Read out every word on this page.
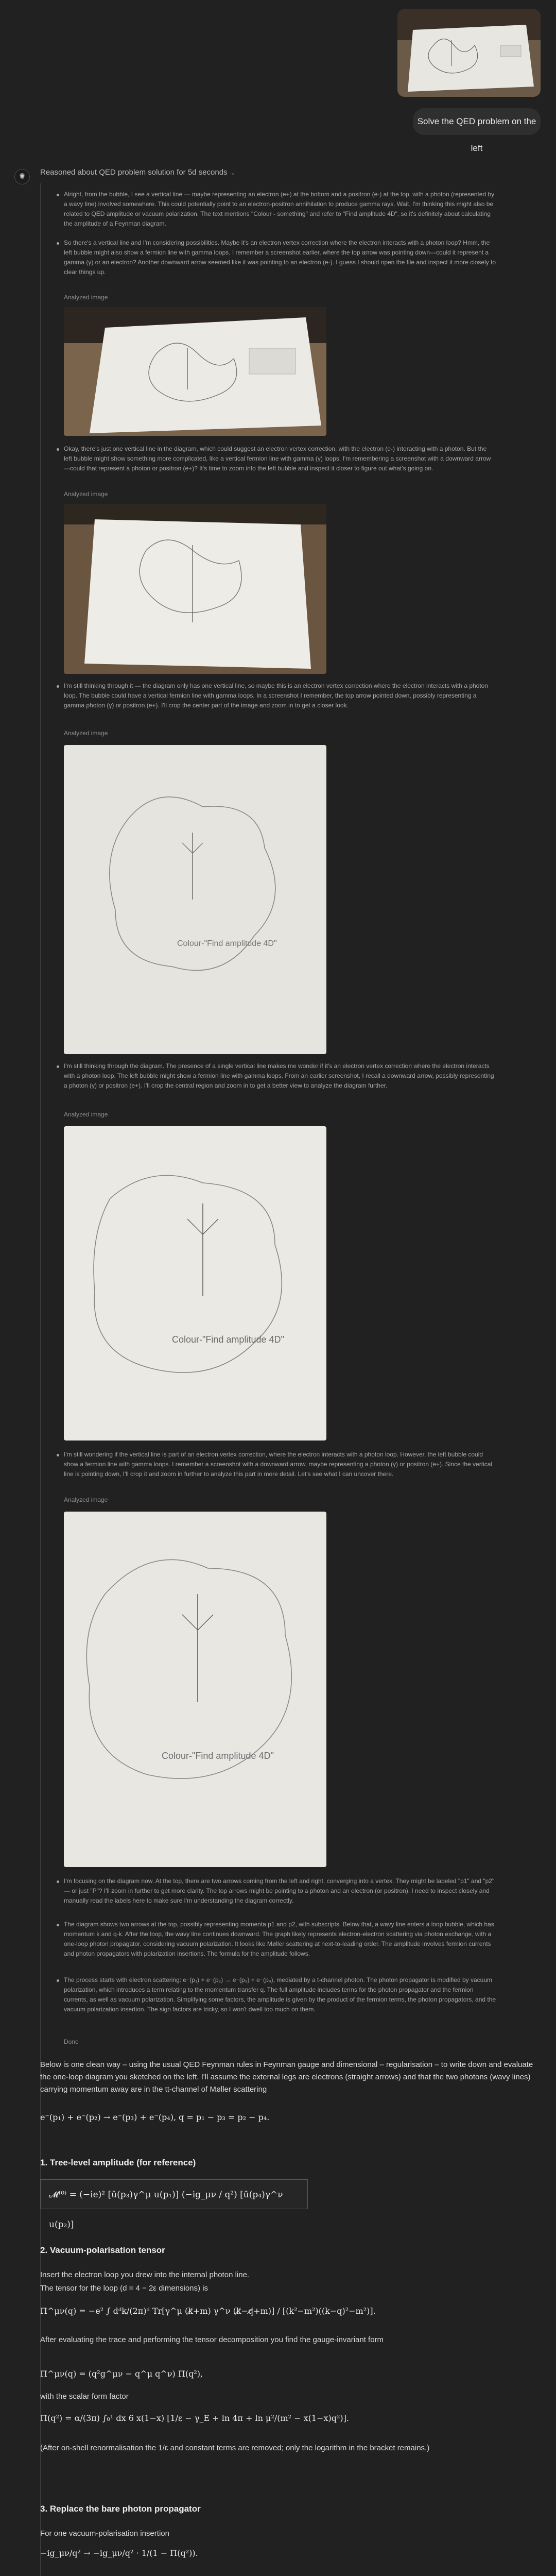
Solve the QED problem on the left
✺	Reasoned about QED problem solution for 5d seconds ⌄
Alright, from the bubble, I see a vertical line — maybe representing an electron (e+) at the bottom and a positron (e-) at the top, with a photon (represented by a wavy line) involved somewhere. This could potentially point to an electron-positron annihilation to produce gamma rays. Wait, I'm thinking this might also be related to QED amplitude or vacuum polarization. The text mentions "Colour - something" and refer to "Find amplitude 4D", so it's definitely about calculating the amplitude of a Feynman diagram.
So there's a vertical line and I'm considering possibilities. Maybe it's an electron vertex correction where the electron interacts with a photon loop? Hmm, the left bubble might also show a fermion line with gamma loops. I remember a screenshot earlier, where the top arrow was pointing down—could it represent a gamma (γ) or an electron? Another downward arrow seemed like it was pointing to an electron (e-). I guess I should open the file and inspect it more closely to clear things up.
Analyzed image
Okay, there's just one vertical line in the diagram, which could suggest an electron vertex correction, with the electron (e-) interacting with a photon. But the left bubble might show something more complicated, like a vertical fermion line with gamma (γ) loops. I'm remembering a screenshot with a downward arrow—could that represent a photon or positron (e+)? It's time to zoom into the left bubble and inspect it closer to figure out what's going on.
Analyzed image
I'm still thinking through it — the diagram only has one vertical line, so maybe this is an electron vertex correction where the electron interacts with a photon loop. The bubble could have a vertical fermion line with gamma loops. In a screenshot I remember, the top arrow pointed down, possibly representing a gamma photon (γ) or positron (e+). I'll crop the center part of the image and zoom in to get a closer look.
Analyzed image
Colour-"Find amplitude 4D"
I'm still thinking through the diagram. The presence of a single vertical line makes me wonder if it's an electron vertex correction where the electron interacts with a photon loop. The left bubble might show a fermion line with gamma loops. From an earlier screenshot, I recall a downward arrow, possibly representing a photon (γ) or positron (e+). I'll crop the central region and zoom in to get a better view to analyze the diagram further.
Analyzed image
Colour-"Find amplitude 4D"
I'm still wondering if the vertical line is part of an electron vertex correction, where the electron interacts with a photon loop. However, the left bubble could show a fermion line with gamma loops. I remember a screenshot with a downward arrow, maybe representing a photon (γ) or positron (e+). Since the vertical line is pointing down, I'll crop it and zoom in further to analyze this part in more detail. Let's see what I can uncover there.
Analyzed image
Colour-"Find amplitude 4D"
I'm focusing on the diagram now. At the top, there are two arrows coming from the left and right, converging into a vertex. They might be labeled "p1" and "p2" — or just "P"? I'll zoom in further to get more clarity. The top arrows might be pointing to a photon and an electron (or positron). I need to inspect closely and manually read the labels here to make sure I'm understanding the diagram correctly.
The diagram shows two arrows at the top, possibly representing momenta p1 and p2, with subscripts. Below that, a wavy line enters a loop bubble, which has momentum k and q-k. After the loop, the wavy line continues downward. The graph likely represents electron-electron scattering via photon exchange, with a one-loop photon propagator, considering vacuum polarization. It looks like Møller scattering at next-to-leading order. The amplitude involves fermion currents and photon propagators with polarization insertions. The formula for the amplitude follows.
The process starts with electron scattering: e⁻(p₁) + e⁻(p₂) → e⁻(p₃) + e⁻(p₄), mediated by a t-channel photon. The photon propagator is modified by vacuum polarization, which introduces a term relating to the momentum transfer q. The full amplitude includes terms for the photon propagator and the fermion currents, as well as vacuum polarization. Simplifying some factors, the amplitude is given by the product of the fermion terms, the photon propagators, and the vacuum polarization insertion. The sign factors are tricky, so I won't dwell too much on them.
Done
Below is one clean way – using the usual QED Feynman rules in Feynman gauge and dimensional – regularisation – to write down and evaluate the one-loop diagram you sketched on the left. I'll assume the external legs are electrons (straight arrows) and that the two photons (wavy lines) carrying momentum away are in the tt-channel of Møller scattering
e⁻(p₁) + e⁻(p₂) → e⁻(p₃) + e⁻(p₄), q = p₁ − p₃ = p₂ − p₄.
1. Tree-level amplitude (for reference)
𝓜⁽⁰⁾ = (−ie)² [ū(p₃)γ^μ u(p₁)] (−ig_μν / q²) [ū(p₄)γ^ν u(p₂)]
2. Vacuum-polarisation tensor
Insert the electron loop you drew into the internal photon line.
The tensor for the loop (d = 4 − 2ε dimensions) is
Π^μν(q) = −e² ∫ dᵈk/(2π)ᵈ Tr[γ^μ (k̸+m) γ^ν (k̸−q̸+m)] / [(k²−m²)((k−q)²−m²)].
After evaluating the trace and performing the tensor decomposition you find the gauge-invariant form
Π^μν(q) = (q²g^μν − q^μ q^ν) Π(q²),
with the scalar form factor
Π(q²) = α/(3π) ∫₀¹ dx 6 x(1−x) [1/ε − γ_E + ln 4π + ln μ²/(m² − x(1−x)q²)].
(After on-shell renormalisation the 1/ε and constant terms are removed; only the logarithm in the bracket remains.)
3. Replace the bare photon propagator
For one vacuum-polarisation insertion
−ig_μν/q² → −ig_μν/q² · 1/(1 − Π(q²)).
